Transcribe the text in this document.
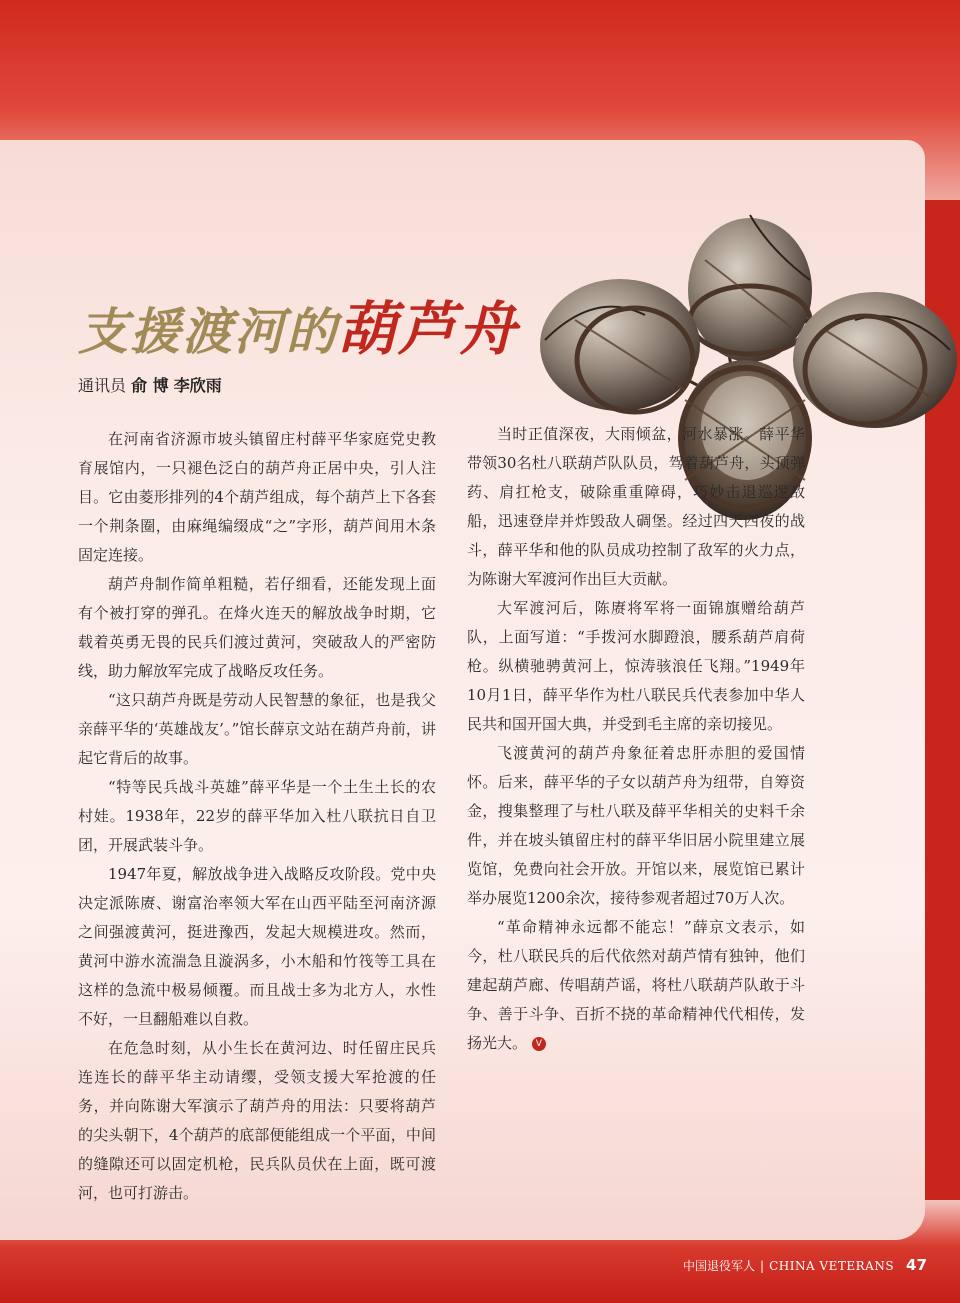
支援渡河的葫芦舟
通讯员 俞 博 李欣雨

在河南省济源市坡头镇留庄村薛平华家庭党史教育展馆内，一只褪色泛白的葫芦舟正居中央，引人注目。它由菱形排列的4个葫芦组成，每个葫芦上下各套一个荆条圈，由麻绳编缀成“之”字形，葫芦间用木条固定连接。

葫芦舟制作简单粗糙，若仔细看，还能发现上面有个被打穿的弹孔。在烽火连天的解放战争时期，它载着英勇无畏的民兵们渡过黄河，突破敌人的严密防线，助力解放军完成了战略反攻任务。

“这只葫芦舟既是劳动人民智慧的象征，也是我父亲薛平华的‘英雄战友’。”馆长薛京文站在葫芦舟前，讲起它背后的故事。

“特等民兵战斗英雄”薛平华是一个土生土长的农村娃。1938年，22岁的薛平华加入杜八联抗日自卫团，开展武装斗争。

1947年夏，解放战争进入战略反攻阶段。党中央决定派陈赓、谢富治率领大军在山西平陆至河南济源之间强渡黄河，挺进豫西，发起大规模进攻。然而，黄河中游水流湍急且漩涡多，小木船和竹筏等工具在这样的急流中极易倾覆。而且战士多为北方人，水性不好，一旦翻船难以自救。

在危急时刻，从小生长在黄河边、时任留庄民兵连连长的薛平华主动请缨，受领支援大军抢渡的任务，并向陈谢大军演示了葫芦舟的用法：只要将葫芦的尖头朝下，4个葫芦的底部便能组成一个平面，中间的缝隙还可以固定机枪，民兵队员伏在上面，既可渡河，也可打游击。

当时正值深夜，大雨倾盆，河水暴涨。薛平华带领30名杜八联葫芦队队员，驾着葫芦舟，头顶弹药、肩扛枪支，破除重重障碍，巧妙击退巡逻敌船，迅速登岸并炸毁敌人碉堡。经过四天四夜的战斗，薛平华和他的队员成功控制了敌军的火力点，为陈谢大军渡河作出巨大贡献。

大军渡河后，陈赓将军将一面锦旗赠给葫芦队，上面写道：“手拨河水脚蹬浪，腰系葫芦肩荷枪。纵横驰骋黄河上，惊涛骇浪任飞翔。”1949年10月1日，薛平华作为杜八联民兵代表参加中华人民共和国开国大典，并受到毛主席的亲切接见。

飞渡黄河的葫芦舟象征着忠肝赤胆的爱国情怀。后来，薛平华的子女以葫芦舟为纽带，自筹资金，搜集整理了与杜八联及薛平华相关的史料千余件，并在坡头镇留庄村的薛平华旧居小院里建立展览馆，免费向社会开放。开馆以来，展览馆已累计举办展览1200余次，接待参观者超过70万人次。

“革命精神永远都不能忘！”薛京文表示，如今，杜八联民兵的后代依然对葫芦情有独钟，他们建起葫芦廊、传唱葫芦谣，将杜八联葫芦队敢于斗争、善于斗争、百折不挠的革命精神代代相传，发扬光大。 V

中国退役军人 | CHINA VETERANS 47
